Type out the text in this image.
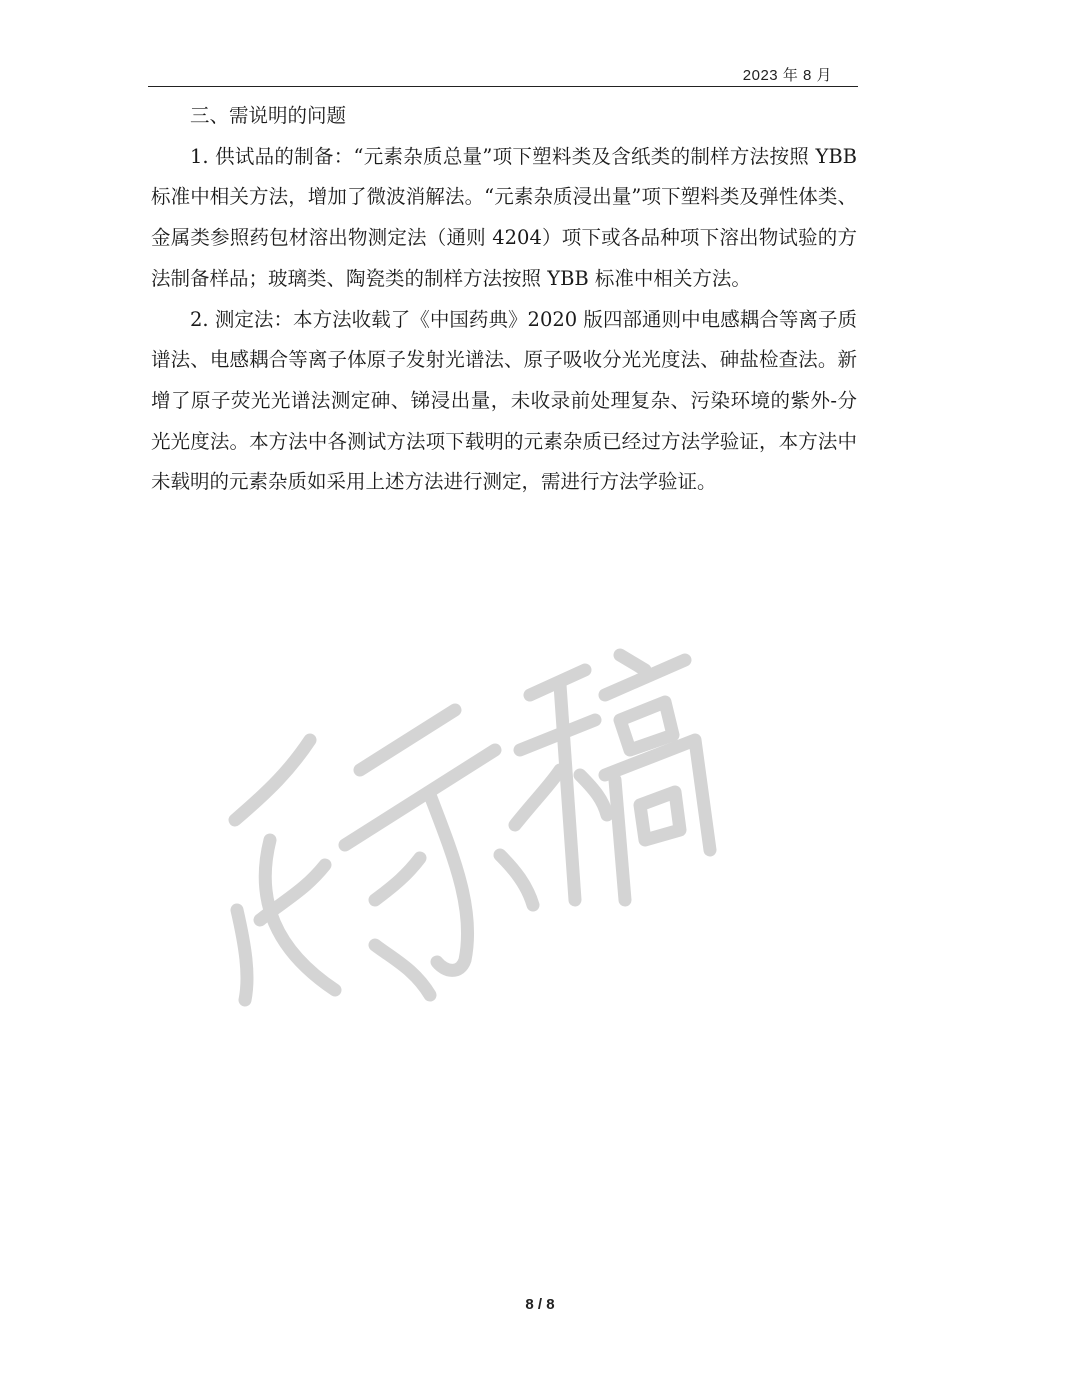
2023 年 8 月
三、需说明的问题

1. 供试品的制备：“元素杂质总量”项下塑料类及含纸类的制样方法按照 YBB 标准中相关方法，增加了微波消解法。“元素杂质浸出量”项下塑料类及弹性体类、金属类参照药包材溶出物测定法（通则 4204）项下或各品种项下溶出物试验的方法制备样品；玻璃类、陶瓷类的制样方法按照 YBB 标准中相关方法。

2. 测定法：本方法收载了《中国药典》2020 版四部通则中电感耦合等离子质谱法、电感耦合等离子体原子发射光谱法、原子吸收分光光度法、砷盐检查法。新增了原子荧光光谱法测定砷、锑浸出量，未收录前处理复杂、污染环境的紫外-分光光度法。本方法中各测试方法项下载明的元素杂质已经过方法学验证，本方法中未载明的元素杂质如采用上述方法进行测定，需进行方法学验证。

8 / 8
